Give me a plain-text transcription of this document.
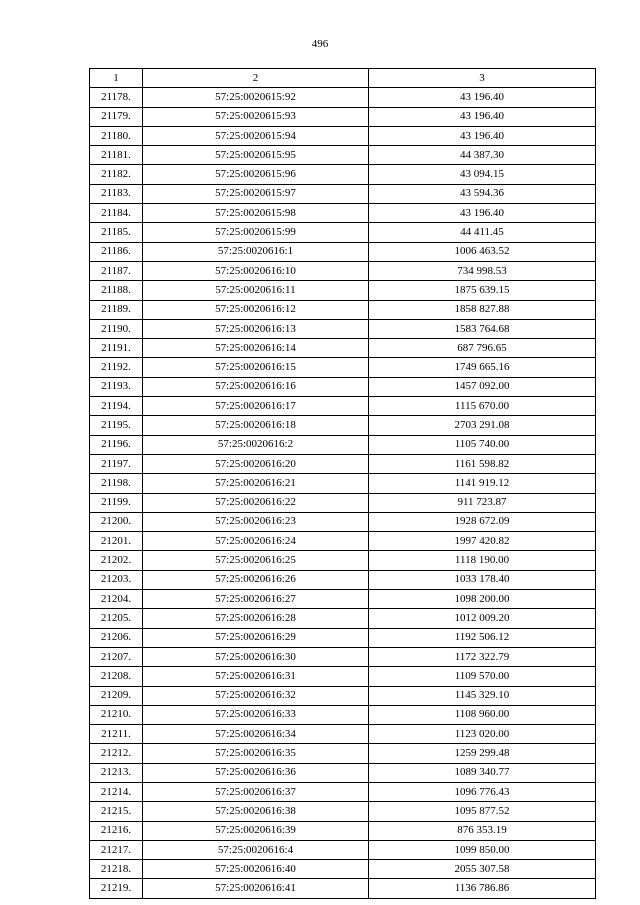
496
1	2	3
21178.	57:25:0020615:92	43 196.40
21179.	57:25:0020615:93	43 196.40
21180.	57:25:0020615:94	43 196.40
21181.	57:25:0020615:95	44 387.30
21182.	57:25:0020615:96	43 094.15
21183.	57:25:0020615:97	43 594.36
21184.	57:25:0020615:98	43 196.40
21185.	57:25:0020615:99	44 411.45
21186.	57:25:0020616:1	1006 463.52
21187.	57:25:0020616:10	734 998.53
21188.	57:25:0020616:11	1875 639.15
21189.	57:25:0020616:12	1858 827.88
21190.	57:25:0020616:13	1583 764.68
21191.	57:25:0020616:14	687 796.65
21192.	57:25:0020616:15	1749 665.16
21193.	57:25:0020616:16	1457 092.00
21194.	57:25:0020616:17	1115 670.00
21195.	57:25:0020616:18	2703 291.08
21196.	57:25:0020616:2	1105 740.00
21197.	57:25:0020616:20	1161 598.82
21198.	57:25:0020616:21	1141 919.12
21199.	57:25:0020616:22	911 723.87
21200.	57:25:0020616:23	1928 672.09
21201.	57:25:0020616:24	1997 420.82
21202.	57:25:0020616:25	1118 190.00
21203.	57:25:0020616:26	1033 178.40
21204.	57:25:0020616:27	1098 200.00
21205.	57:25:0020616:28	1012 009.20
21206.	57:25:0020616:29	1192 506.12
21207.	57:25:0020616:30	1172 322.79
21208.	57:25:0020616:31	1109 570.00
21209.	57:25:0020616:32	1145 329.10
21210.	57:25:0020616:33	1108 960.00
21211.	57:25:0020616:34	1123 020.00
21212.	57:25:0020616:35	1259 299.48
21213.	57:25:0020616:36	1089 340.77
21214.	57:25:0020616:37	1096 776.43
21215.	57:25:0020616:38	1095 877.52
21216.	57:25:0020616:39	876 353.19
21217.	57:25:0020616:4	1099 850.00
21218.	57:25:0020616:40	2055 307.58
21219.	57:25:0020616:41	1136 786.86
